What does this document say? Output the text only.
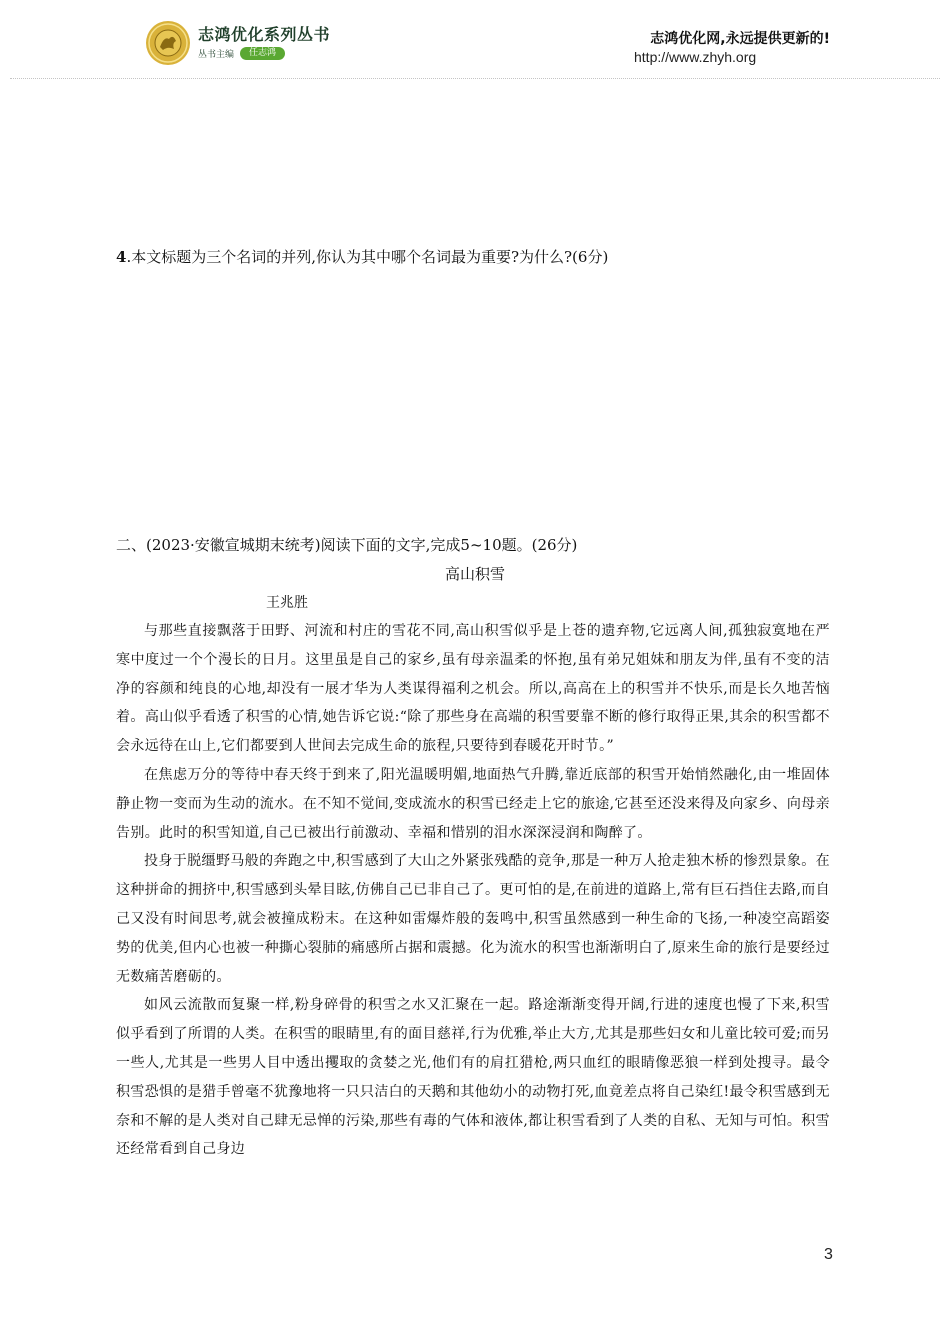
志鸿优化系列丛书
丛书主编 任志鸿
志鸿优化网,永远提供更新的!
http://www.zhyh.org
4.本文标题为三个名词的并列,你认为其中哪个名词最为重要?为什么?(6分)
二、(2023·安徽宣城期末统考)阅读下面的文字,完成5~10题。(26分)
高山积雪
王兆胜

与那些直接飘落于田野、河流和村庄的雪花不同,高山积雪似乎是上苍的遗弃物,它远离人间,孤独寂寞地在严寒中度过一个个漫长的日月。这里虽是自己的家乡,虽有母亲温柔的怀抱,虽有弟兄姐妹和朋友为伴,虽有不变的洁净的容颜和纯良的心地,却没有一展才华为人类谋得福利之机会。所以,高高在上的积雪并不快乐,而是长久地苦恼着。高山似乎看透了积雪的心情,她告诉它说:“除了那些身在高端的积雪要靠不断的修行取得正果,其余的积雪都不会永远待在山上,它们都要到人世间去完成生命的旅程,只要待到春暖花开时节。”

在焦虑万分的等待中春天终于到来了,阳光温暖明媚,地面热气升腾,靠近底部的积雪开始悄然融化,由一堆固体静止物一变而为生动的流水。在不知不觉间,变成流水的积雪已经走上它的旅途,它甚至还没来得及向家乡、向母亲告别。此时的积雪知道,自己已被出行前激动、幸福和惜别的泪水深深浸润和陶醉了。

投身于脱缰野马般的奔跑之中,积雪感到了大山之外紧张残酷的竞争,那是一种万人抢走独木桥的惨烈景象。在这种拼命的拥挤中,积雪感到头晕目眩,仿佛自己已非自己了。更可怕的是,在前进的道路上,常有巨石挡住去路,而自己又没有时间思考,就会被撞成粉末。在这种如雷爆炸般的轰鸣中,积雪虽然感到一种生命的飞扬,一种凌空高蹈姿势的优美,但内心也被一种撕心裂肺的痛感所占据和震撼。化为流水的积雪也渐渐明白了,原来生命的旅行是要经过无数痛苦磨砺的。

如风云流散而复聚一样,粉身碎骨的积雪之水又汇聚在一起。路途渐渐变得开阔,行进的速度也慢了下来,积雪似乎看到了所谓的人类。在积雪的眼睛里,有的面目慈祥,行为优雅,举止大方,尤其是那些妇女和儿童比较可爱;而另一些人,尤其是一些男人目中透出攫取的贪婪之光,他们有的肩扛猎枪,两只血红的眼睛像恶狼一样到处搜寻。最令积雪恐惧的是猎手曾毫不犹豫地将一只只洁白的天鹅和其他幼小的动物打死,血竟差点将自己染红!最令积雪感到无奈和不解的是人类对自己肆无忌惮的污染,那些有毒的气体和液体,都让积雪看到了人类的自私、无知与可怕。积雪还经常看到自己身边

3
